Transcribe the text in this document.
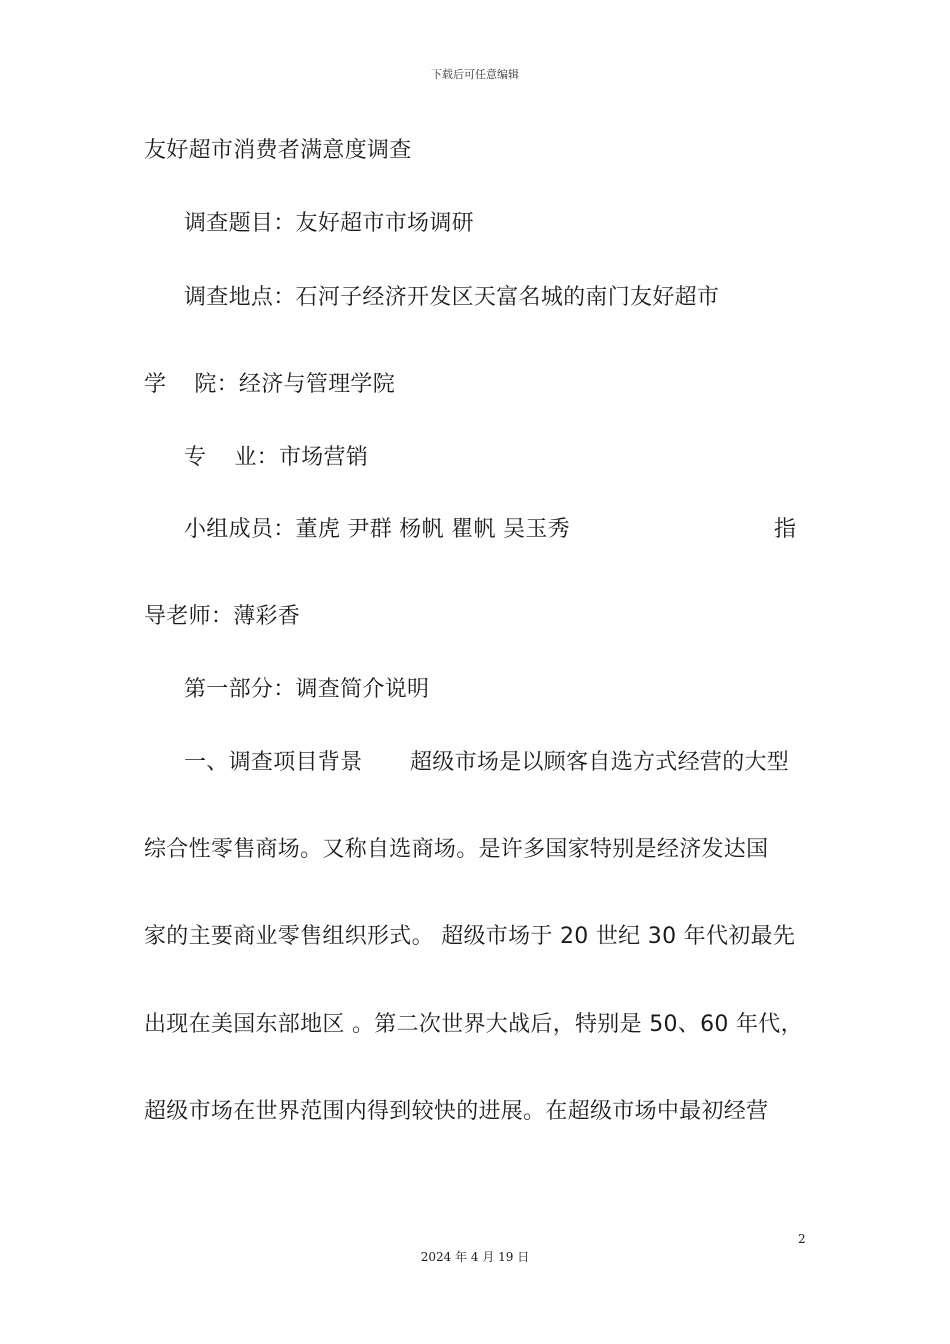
下载后可任意编辑
友好超市消费者满意度调查
调查题目：友好超市市场调研
调查地点：石河子经济开发区天富名城的南门友好超市
学 院：经济与管理学院
专 业：市场营销
小组成员：董虎 尹群 杨帆 瞿帆 吴玉秀	指
导老师：薄彩香
第一部分：调查简介说明
一、调查项目背景 超级市场是以顾客自选方式经营的大型
综合性零售商场。又称自选商场。是许多国家特别是经济发达国
家的主要商业零售组织形式。 超级市场于 20 世纪 30 年代初最先
出现在美国东部地区 。第二次世界大战后，特别是 50、60 年代，
超级市场在世界范围内得到较快的进展。在超级市场中最初经营
2
2024 年 4 月 19 日
